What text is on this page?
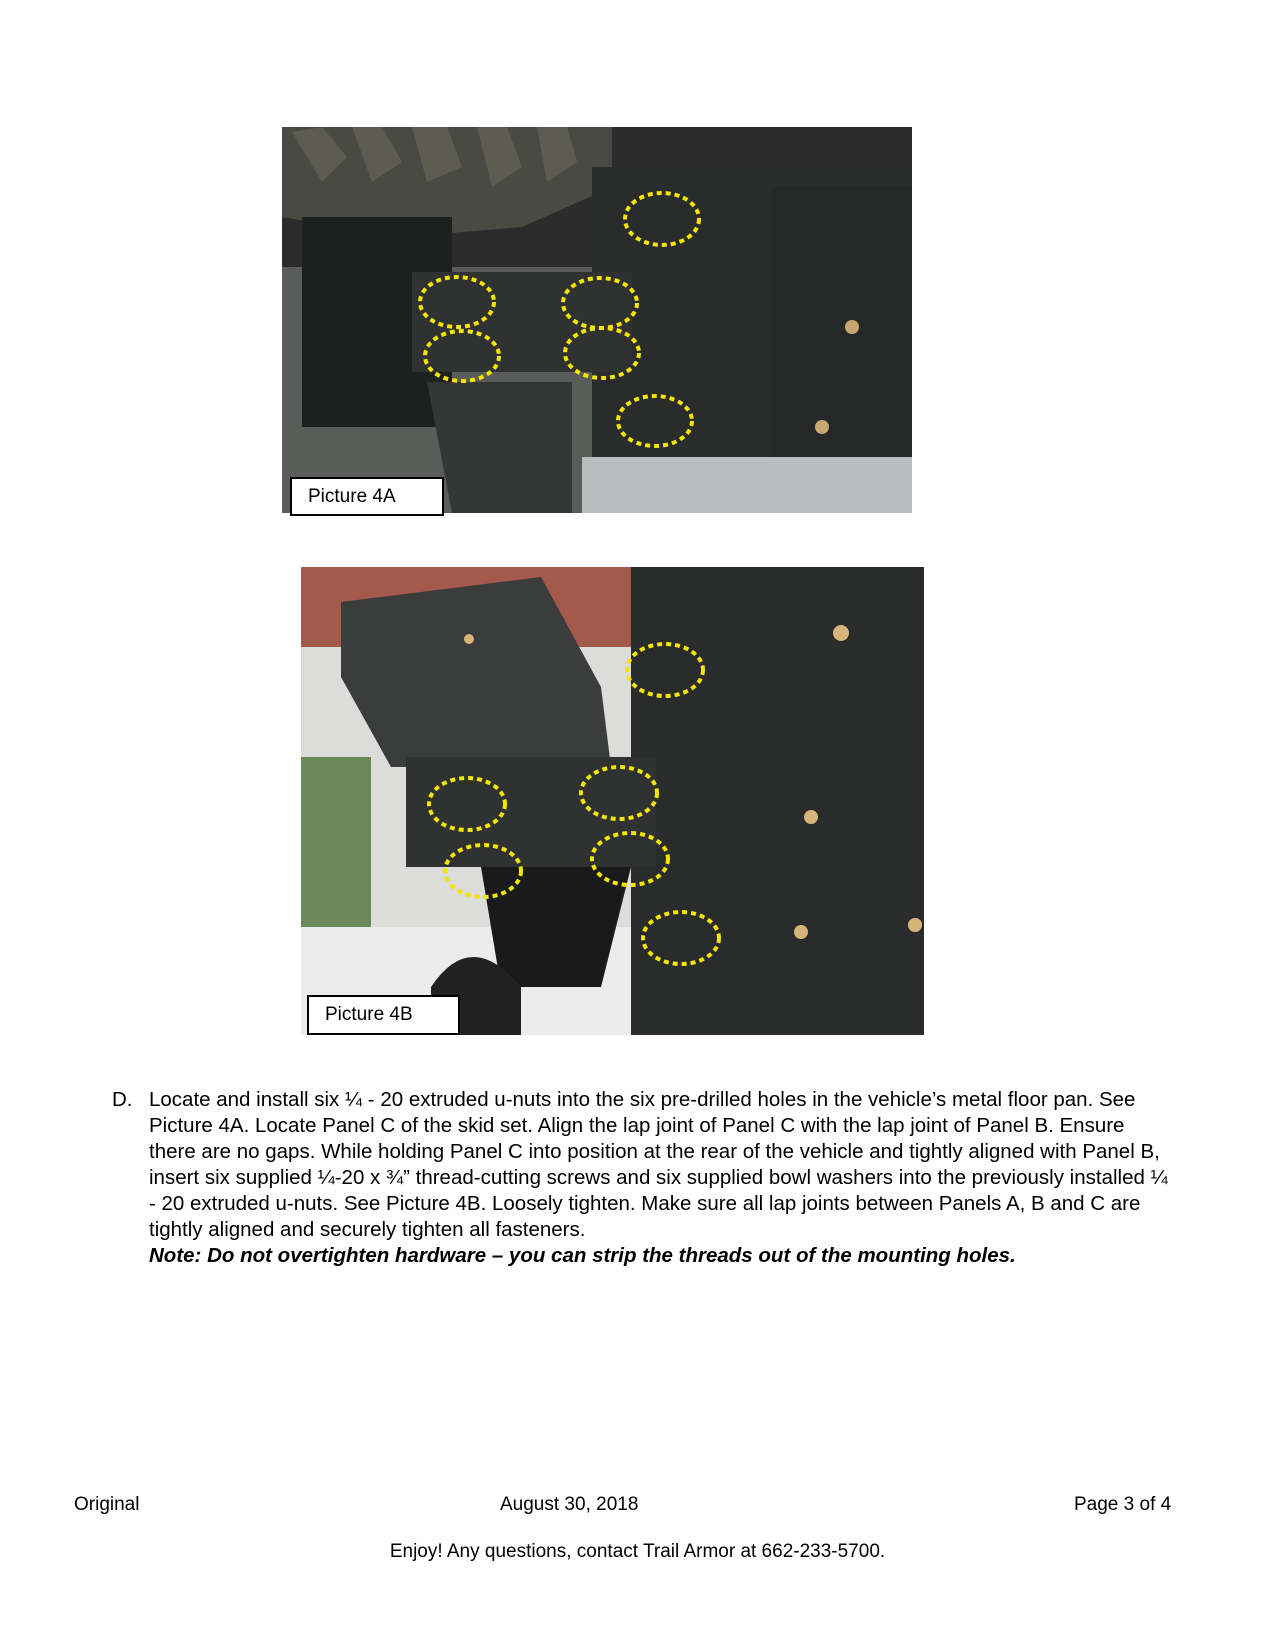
Picture 4A
Picture 4B
D. Locate and install six ¼ - 20 extruded u-nuts into the six pre-drilled holes in the vehicle’s metal floor pan. See Picture 4A. Locate Panel C of the skid set. Align the lap joint of Panel C with the lap joint of Panel B. Ensure there are no gaps. While holding Panel C into position at the rear of the vehicle and tightly aligned with Panel B, insert six supplied ¼-20 x ¾” thread-cutting screws and six supplied bowl washers into the previously installed ¼ - 20 extruded u-nuts. See Picture 4B. Loosely tighten. Make sure all lap joints between Panels A, B and C are tightly aligned and securely tighten all fasteners.
Note: Do not overtighten hardware – you can strip the threads out of the mounting holes.
Original	August 30, 2018	Page 3 of 4
Enjoy! Any questions, contact Trail Armor at 662-233-5700.
